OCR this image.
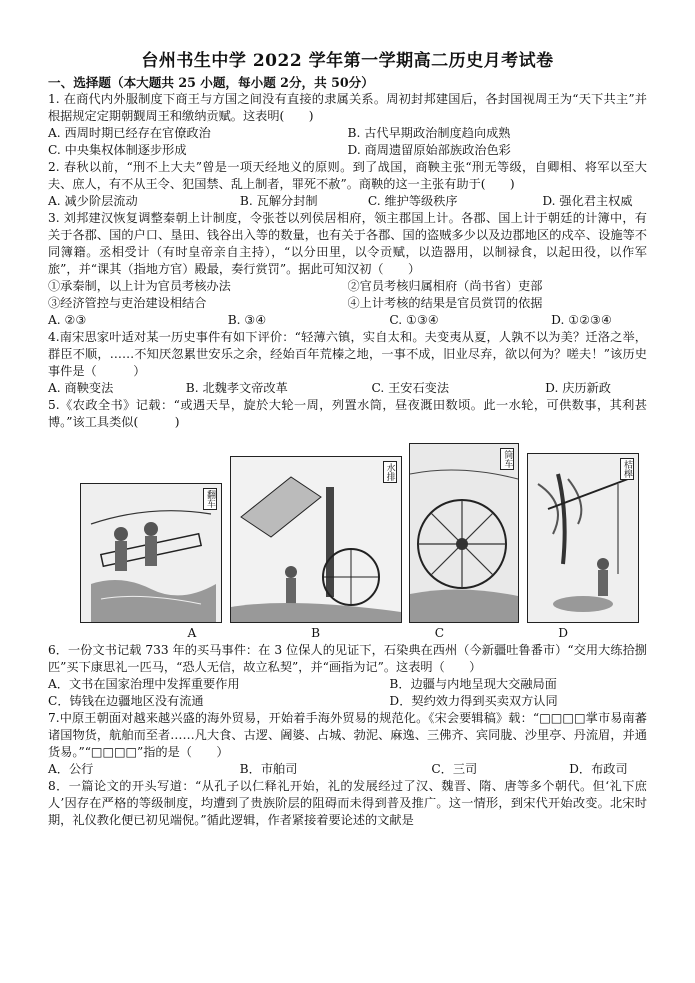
台州书生中学 2022 学年第一学期高二历史月考试卷
一、选择题（本大题共 25 小题，每小题 2分，共 50分）

1. 在商代内外服制度下商王与方国之间没有直接的隶属关系。周初封邦建国后，各封国视周王为“天下共主”并根据规定定期朝觐周王和缴纳贡赋。这表明(　　)

A. 西周时期已经存在官僚政治	B. 古代早期政治制度趋向成熟
C. 中央集权体制逐步形成	D. 商周遗留原始部族政治色彩

2. 春秋以前，“刑不上大夫”曾是一项天经地义的原则。到了战国，商鞅主张“刑无等级，自卿相、将军以至大夫、庶人，有不从王令、犯国禁、乱上制者，罪死不赦”。商鞅的这一主张有助于(　　)

A. 减少阶层流动	B. 瓦解分封制	C. 维护等级秩序	D. 强化君主权威

3. 刘邦建汉恢复调整秦朝上计制度，令张苍以列侯居相府，领主郡国上计。各郡、国上计于朝廷的计簿中，有关于各郡、国的户口、垦田、钱谷出入等的数量，也有关于各郡、国的盗贼多少以及边郡地区的戍卒、设施等不同簿籍。丞相受计（有时皇帝亲自主持），“以分田里，以令贡赋，以造器用，以制禄食，以起田役，以作军旅”，并“课其（指地方官）殿最，奏行赏罚”。据此可知汉初（　　）

①承秦制，以上计为官员考核办法	②官员考核归属相府（尚书省）吏部
③经济管控与吏治建设相结合	④上计考核的结果是官员赏罚的依据
A. ②③	B. ③④	C. ①③④	D. ①②③④

4.南宋思家叶适对某一历史事件有如下评价：“轻薄六镇，实自太和。夫变夷从夏，人孰不以为美？迁洛之举，群臣不顺，……不知厌忽累世安乐之余，经始百年荒榛之地，一事不成，旧业尽弃，欲以何为？嗟夫！”该历史事件是（　　　）

A. 商鞅变法	B. 北魏孝文帝改革	C. 王安石变法	D. 庆历新政

5.《农政全书》记载：“或遇天旱，旋於大轮一周，列置水筒，昼夜溉田数顷。此一水轮，可供数事，其利甚博。”该工具类似(　　　)

翻车
水排
筒车
桔槔
A	B	C	D

6．一份文书记载 733 年的买马事件：在 3 位保人的见证下，石染典在西州（今新疆吐鲁番市）“交用大练拾捌匹”买下康思礼一匹马，“恐人无信，故立私契”，并“画指为记”。这表明（　　）

A．文书在国家治理中发挥重要作用	B．边疆与内地呈现大交融局面
C．铸钱在边疆地区没有流通	D．契约效力得到买卖双方认同

7.中原王朝面对越来越兴盛的海外贸易，开始着手海外贸易的规范化。《宋会要辑稿》载：“□□□□掌市易南蕃诸国物货，航舶而至者……凡大食、古逻、阇婆、占城、勃泥、麻逸、三佛齐、宾同胧、沙里亭、丹流眉，并通货易。”“□□□□”指的是（　　）

A．公行	B．市舶司	C．三司	D．布政司

8．一篇论文的开头写道：“从孔子以仁释礼开始，礼的发展经过了汉、魏晋、隋、唐等多个朝代。但‘礼下庶人’因存在严格的等级制度，均遭到了贵族阶层的阻碍而未得到普及推广。这一情形，到宋代开始改变。北宋时期，礼仪教化便已初见端倪。”循此逻辑，作者紧接着要论述的文献是
